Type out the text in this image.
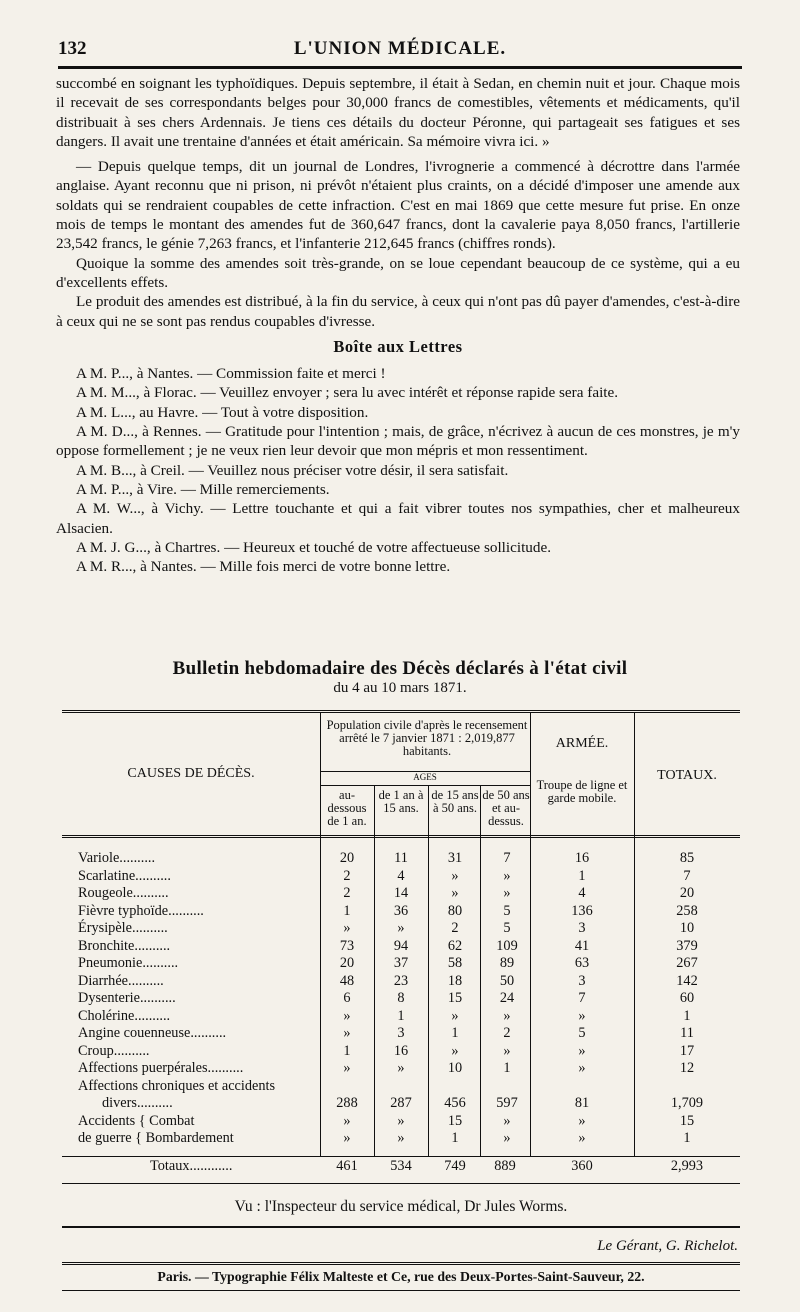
132	L'UNION MÉDICALE.

succombé en soignant les typhoïdiques. Depuis septembre, il était à Sedan, en chemin nuit et jour. Chaque mois il recevait de ses correspondants belges pour 30,000 francs de comestibles, vêtements et médicaments, qu'il distribuait à ses chers Ardennais. Je tiens ces détails du docteur Péronne, qui partageait ses fatigues et ses dangers. Il avait une trentaine d'années et était américain. Sa mémoire vivra ici. »

— Depuis quelque temps, dit un journal de Londres, l'ivrognerie a commencé à décrottre dans l'armée anglaise. Ayant reconnu que ni prison, ni prévôt n'étaient plus craints, on a décidé d'imposer une amende aux soldats qui se rendraient coupables de cette infraction. C'est en mai 1869 que cette mesure fut prise. En onze mois de temps le montant des amendes fut de 360,647 francs, dont la cavalerie paya 8,050 francs, l'artillerie 23,542 francs, le génie 7,263 francs, et l'infanterie 212,645 francs (chiffres ronds).

Quoique la somme des amendes soit très-grande, on se loue cependant beaucoup de ce système, qui a eu d'excellents effets.

Le produit des amendes est distribué, à la fin du service, à ceux qui n'ont pas dû payer d'amendes, c'est-à-dire à ceux qui ne se sont pas rendus coupables d'ivresse.

Boîte aux Lettres

A M. P..., à Nantes. — Commission faite et merci !

A M. M..., à Florac. — Veuillez envoyer ; sera lu avec intérêt et réponse rapide sera faite.

A M. L..., au Havre. — Tout à votre disposition.

A M. D..., à Rennes. — Gratitude pour l'intention ; mais, de grâce, n'écrivez à aucun de ces monstres, je m'y oppose formellement ; je ne veux rien leur devoir que mon mépris et mon ressentiment.

A M. B..., à Creil. — Veuillez nous préciser votre désir, il sera satisfait.

A M. P..., à Vire. — Mille remerciements.

A M. W..., à Vichy. — Lettre touchante et qui a fait vibrer toutes nos sympathies, cher et malheureux Alsacien.

A M. J. G..., à Chartres. — Heureux et touché de votre affectueuse sollicitude.

A M. R..., à Nantes. — Mille fois merci de votre bonne lettre.

Bulletin hebdomadaire des Décès déclarés à l'état civil
du 4 au 10 mars 1871.
CAUSES DE DÉCÈS.
Population civile d'après le recensement arrêté le 7 janvier 1871 : 2,019,877 habitants.
AGES
au-dessous de 1 an.
de 1 an à 15 ans.
de 15 ans à 50 ans.
de 50 ans et au-dessus.
ARMÉE.
Troupe de ligne et garde mobile.
TOTAUX.
Variole..........	20	11	31	7	16	85
Scarlatine..........	2	4	»	»	1	7
Rougeole..........	2	14	»	»	4	20
Fièvre typhoïde..........	1	36	80	5	136	258
Érysipèle..........	»	»	2	5	3	10
Bronchite..........	73	94	62	109	41	379
Pneumonie..........	20	37	58	89	63	267
Diarrhée..........	48	23	18	50	3	142
Dysenterie..........	6	8	15	24	7	60
Cholérine..........	»	1	»	»	»	1
Angine couenneuse..........	»	3	1	2	5	11
Croup..........	1	16	»	»	»	17
Affections puerpérales..........	»	»	10	1	»	12
Affections chroniques et accidents
divers..........	288	287	456	597	81	1,709
Accidents { Combat	»	»	15	»	»	15
de guerre { Bombardement	»	»	1	»	»	1
Totaux............	461	534	749	889	360	2,993
Vu : l'Inspecteur du service médical, Dr Jules Worms.
Le Gérant, G. Richelot.
Paris. — Typographie Félix Malteste et Ce, rue des Deux-Portes-Saint-Sauveur, 22.
